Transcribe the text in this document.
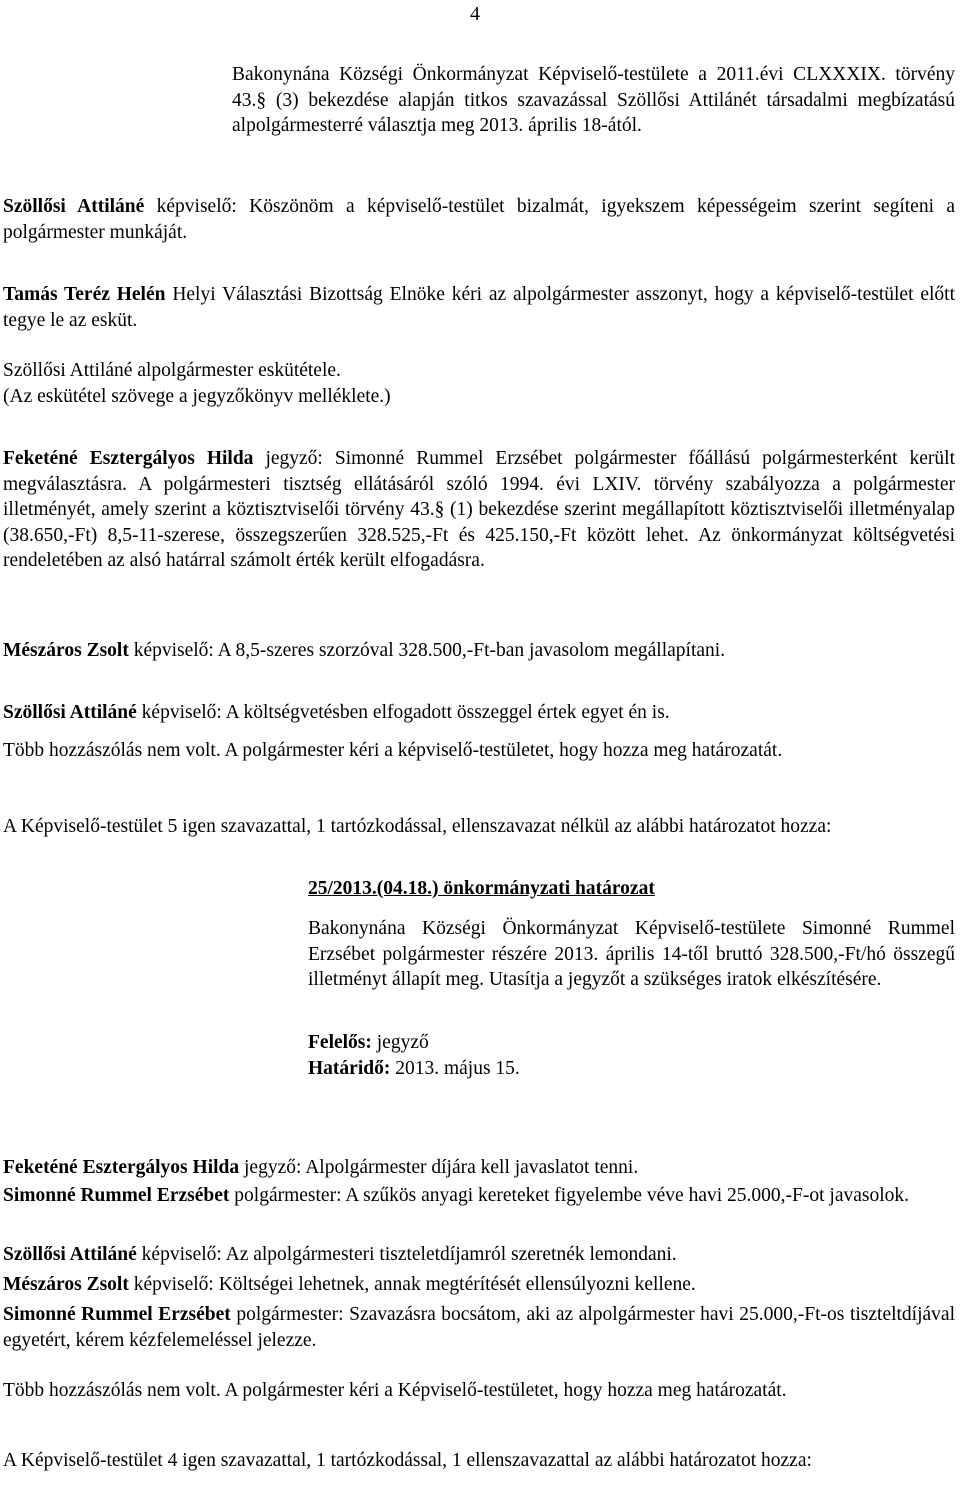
4

Bakonynána Községi Önkormányzat Képviselő-testülete a 2011.évi CLXXXIX. törvény 43.§ (3) bekezdése alapján titkos szavazással Szöllősi Attilánét társadalmi megbízatású alpolgármesterré választja meg 2013. április 18-ától.

Szöllősi Attiláné képviselő: Köszönöm a képviselő-testület bizalmát, igyekszem képességeim szerint segíteni a polgármester munkáját.

Tamás Teréz Helén Helyi Választási Bizottság Elnöke kéri az alpolgármester asszonyt, hogy a képviselő-testület előtt tegye le az esküt.

Szöllősi Attiláné alpolgármester eskütétele.

(Az eskütétel szövege a jegyzőkönyv melléklete.)

Feketéné Esztergályos Hilda jegyző: Simonné Rummel Erzsébet polgármester főállású polgármesterként került megválasztásra. A polgármesteri tisztség ellátásáról szóló 1994. évi LXIV. törvény szabályozza a polgármester illetményét, amely szerint a köztisztviselői törvény 43.§ (1) bekezdése szerint megállapított köztisztviselői illetményalap (38.650,-Ft) 8,5-11-szerese, összegszerűen 328.525,-Ft és 425.150,-Ft között lehet. Az önkormányzat költségvetési rendeletében az alsó határral számolt érték került elfogadásra.

Mészáros Zsolt képviselő: A 8,5-szeres szorzóval 328.500,-Ft-ban javasolom megállapítani.

Szöllősi Attiláné képviselő: A költségvetésben elfogadott összeggel értek egyet én is.

Több hozzászólás nem volt. A polgármester kéri a képviselő-testületet, hogy hozza meg határozatát.

A Képviselő-testület 5 igen szavazattal, 1 tartózkodással, ellenszavazat nélkül az alábbi határozatot hozza:

25/2013.(04.18.) önkormányzati határozat

Bakonynána Községi Önkormányzat Képviselő-testülete Simonné Rummel Erzsébet polgármester részére 2013. április 14-től bruttó 328.500,-Ft/hó összegű illetményt állapít meg. Utasítja a jegyzőt a szükséges iratok elkészítésére.

Felelős: jegyző

Határidő: 2013. május 15.

Feketéné Esztergályos Hilda jegyző: Alpolgármester díjára kell javaslatot tenni.

Simonné Rummel Erzsébet polgármester: A szűkös anyagi kereteket figyelembe véve havi 25.000,-F-ot javasolok.

Szöllősi Attiláné képviselő: Az alpolgármesteri tiszteletdíjamról szeretnék lemondani.

Mészáros Zsolt képviselő: Költségei lehetnek, annak megtérítését ellensúlyozni kellene.

Simonné Rummel Erzsébet polgármester: Szavazásra bocsátom, aki az alpolgármester havi 25.000,-Ft-os tiszteltdíjával egyetért, kérem kézfelemeléssel jelezze.

Több hozzászólás nem volt. A polgármester kéri a Képviselő-testületet, hogy hozza meg határozatát.

A Képviselő-testület 4 igen szavazattal, 1 tartózkodással, 1 ellenszavazattal az alábbi határozatot hozza:
